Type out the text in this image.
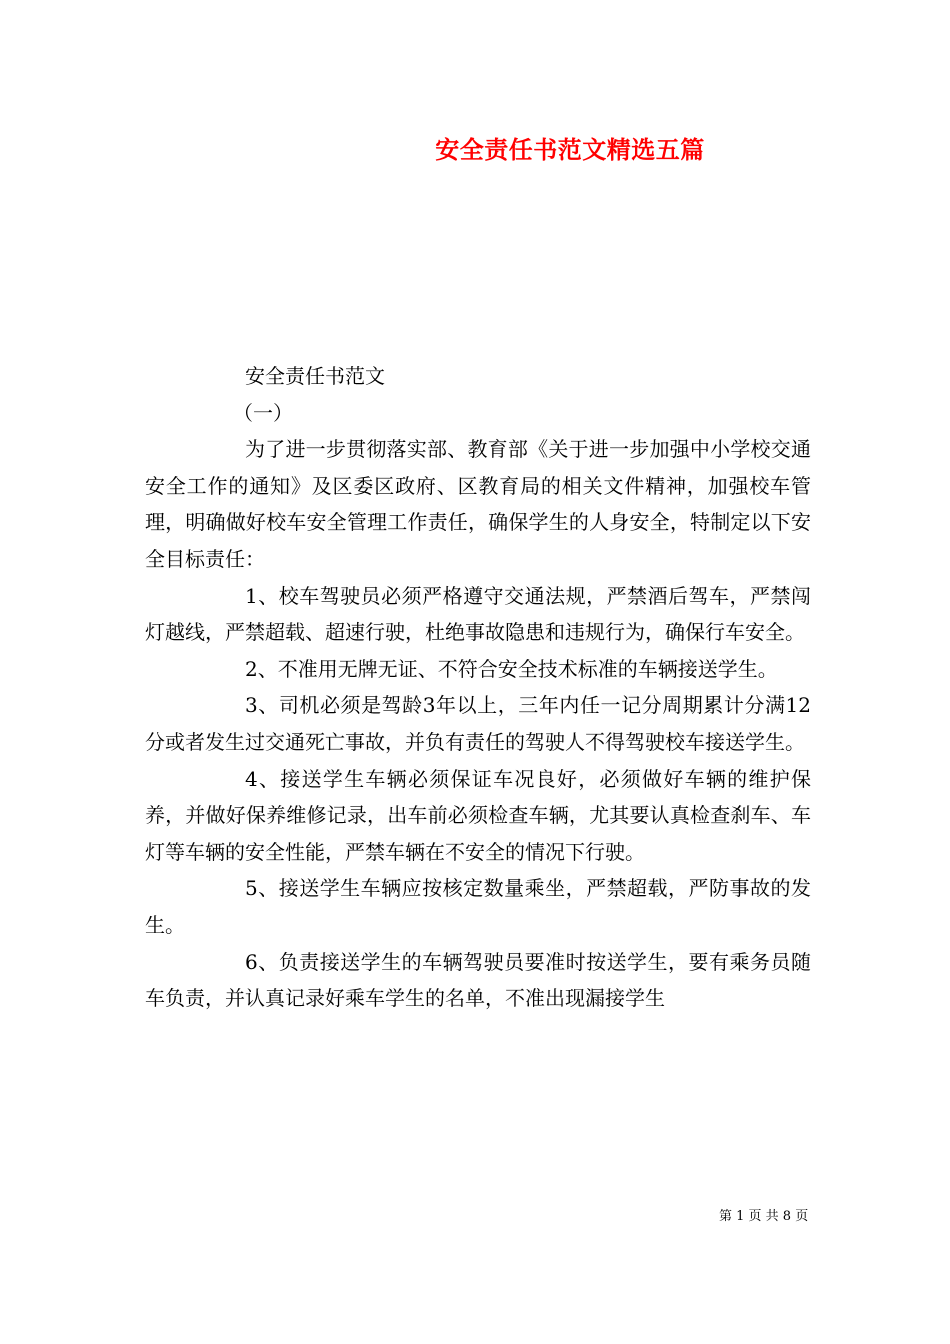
安全责任书范文精选五篇

安全责任书范文

（一）

为了进一步贯彻落实部、教育部《关于进一步加强中小学校交通安全工作的通知》及区委区政府、区教育局的相关文件精神，加强校车管理，明确做好校车安全管理工作责任，确保学生的人身安全，特制定以下安全目标责任：

1、校车驾驶员必须严格遵守交通法规，严禁酒后驾车，严禁闯灯越线，严禁超载、超速行驶，杜绝事故隐患和违规行为，确保行车安全。

2、不准用无牌无证、不符合安全技术标准的车辆接送学生。

3、司机必须是驾龄3年以上，三年内任一记分周期累计分满12分或者发生过交通死亡事故，并负有责任的驾驶人不得驾驶校车接送学生。

4、接送学生车辆必须保证车况良好，必须做好车辆的维护保养，并做好保养维修记录，出车前必须检查车辆，尤其要认真检查刹车、车灯等车辆的安全性能，严禁车辆在不安全的情况下行驶。

5、接送学生车辆应按核定数量乘坐，严禁超载，严防事故的发生。

6、负责接送学生的车辆驾驶员要准时按送学生，要有乘务员随车负责，并认真记录好乘车学生的名单，不准出现漏接学生

第 1 页 共 8 页
